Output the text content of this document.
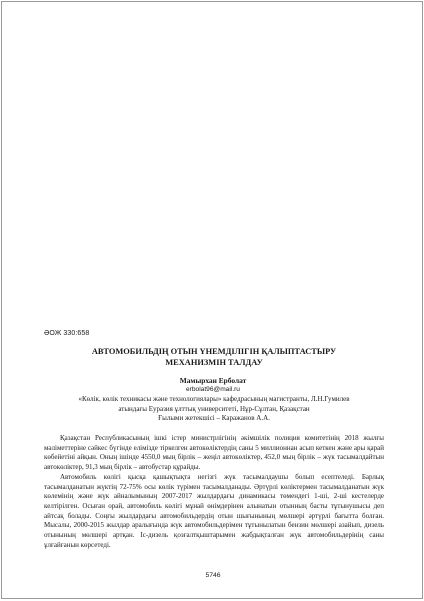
ӘОЖ 330:658
АВТОМОБИЛЬДІҢ ОТЫН ҮНЕМДІЛІГІН ҚАЛЫПТАСТЫРУ МЕХАНИЗМІН ТАЛДАУ
Мамырхан Ерболат
erbolat96@mail.ru
«Көлік, көлік техникасы және технологиялары» кафедрасының магистранты, Л.Н.Гумилев
атындағы Еуразия ұлттық университеті, Нұр-Сұлтан, Қазақстан
Ғылыми жетекшісі – Каражанов А.А.

Қазақстан Республикасының ішкі істер министрлігінің әкімшілік полиция комитетінің 2018 жылғы мәліметтеріне сәйкес бүгінде елімізде тіркелген автокөліктердің саны 5 миллионнан асып кеткен және ары қарай көбейетіні айқын. Оның ішінде 4550,0 мың бірлік – жеңіл автокөліктер, 452,0 мың бірлік – жүк тасымалдайтын автокөліктер, 91,3 мың бірлік – автобустар құрайды.

Автомобиль көлігі қысқа қашықтықта негізгі жүк тасымалдаушы болып есептеледі. Барлық тасымалданатын жүктің 72-75% осы көлік түрімен тасымалданады. Әртүрлі көліктермен тасымалданатын жүк көлемінің және жүк айналымының 2007-2017 жылдардағы динамикасы төмендегі 1-ші, 2-ші кестелерде келтірілген. Осыған орай, автомобиль көлігі мұнай өнімдерінен алынатын отынның басты тұтынушысы деп айтсақ болады. Соңғы жылдардағы автомобильдердің отын шығынының мөлшері әртүрлі бағытта болған. Мысалы, 2000-2015 жылдар аралығында жүк автомобильдерімен тұтынылатын бензин мөлшері азайып, дизель отынының мөлшері артқан. Іс-дизель қозғалтқыштарымен жабдықталған жүк автомобильдерінің саны ұлғайғанын көрсетеді.

5746
